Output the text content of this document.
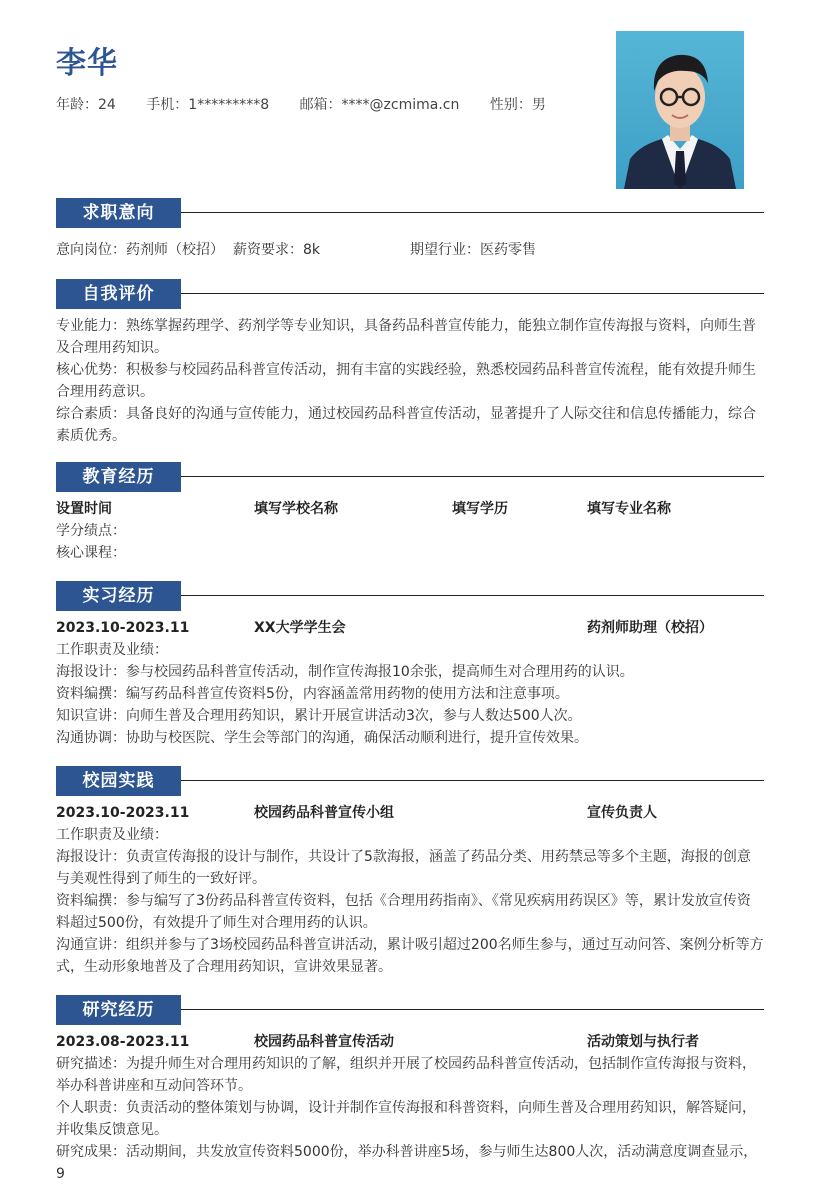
李华
年龄：24 手机：1*********8 邮箱：****@zcmima.cn 性别：男
求职意向
意向岗位：药剂师（校招） 薪资要求：8k	期望行业：医药零售
自我评价

专业能力：熟练掌握药理学、药剂学等专业知识，具备药品科普宣传能力，能独立制作宣传海报与资料，向师生普及合理用药知识。

核心优势：积极参与校园药品科普宣传活动，拥有丰富的实践经验，熟悉校园药品科普宣传流程，能有效提升师生合理用药意识。

综合素质：具备良好的沟通与宣传能力，通过校园药品科普宣传活动，显著提升了人际交往和信息传播能力，综合素质优秀。

教育经历
设置时间	填写学校名称	填写学历	填写专业名称

学分绩点：

核心课程：

实习经历
2023.10-2023.11	XX大学学生会	药剂师助理（校招）

工作职责及业绩：

海报设计：参与校园药品科普宣传活动，制作宣传海报10余张，提高师生对合理用药的认识。

资料编撰：编写药品科普宣传资料5份，内容涵盖常用药物的使用方法和注意事项。

知识宣讲：向师生普及合理用药知识，累计开展宣讲活动3次，参与人数达500人次。

沟通协调：协助与校医院、学生会等部门的沟通，确保活动顺利进行，提升宣传效果。

校园实践
2023.10-2023.11	校园药品科普宣传小组	宣传负责人

工作职责及业绩：

海报设计：负责宣传海报的设计与制作，共设计了5款海报，涵盖了药品分类、用药禁忌等多个主题，海报的创意与美观性得到了师生的一致好评。

资料编撰：参与编写了3份药品科普宣传资料，包括《合理用药指南》、《常见疾病用药误区》等，累计发放宣传资料超过500份，有效提升了师生对合理用药的认识。

沟通宣讲：组织并参与了3场校园药品科普宣讲活动，累计吸引超过200名师生参与，通过互动问答、案例分析等方式，生动形象地普及了合理用药知识，宣讲效果显著。

研究经历
2023.08-2023.11	校园药品科普宣传活动	活动策划与执行者

研究描述：为提升师生对合理用药知识的了解，组织并开展了校园药品科普宣传活动，包括制作宣传海报与资料，举办科普讲座和互动问答环节。

个人职责：负责活动的整体策划与协调，设计并制作宣传海报和科普资料，向师生普及合理用药知识，解答疑问，并收集反馈意见。

研究成果：活动期间，共发放宣传资料5000份，举办科普讲座5场，参与师生达800人次，活动满意度调查显示，9
